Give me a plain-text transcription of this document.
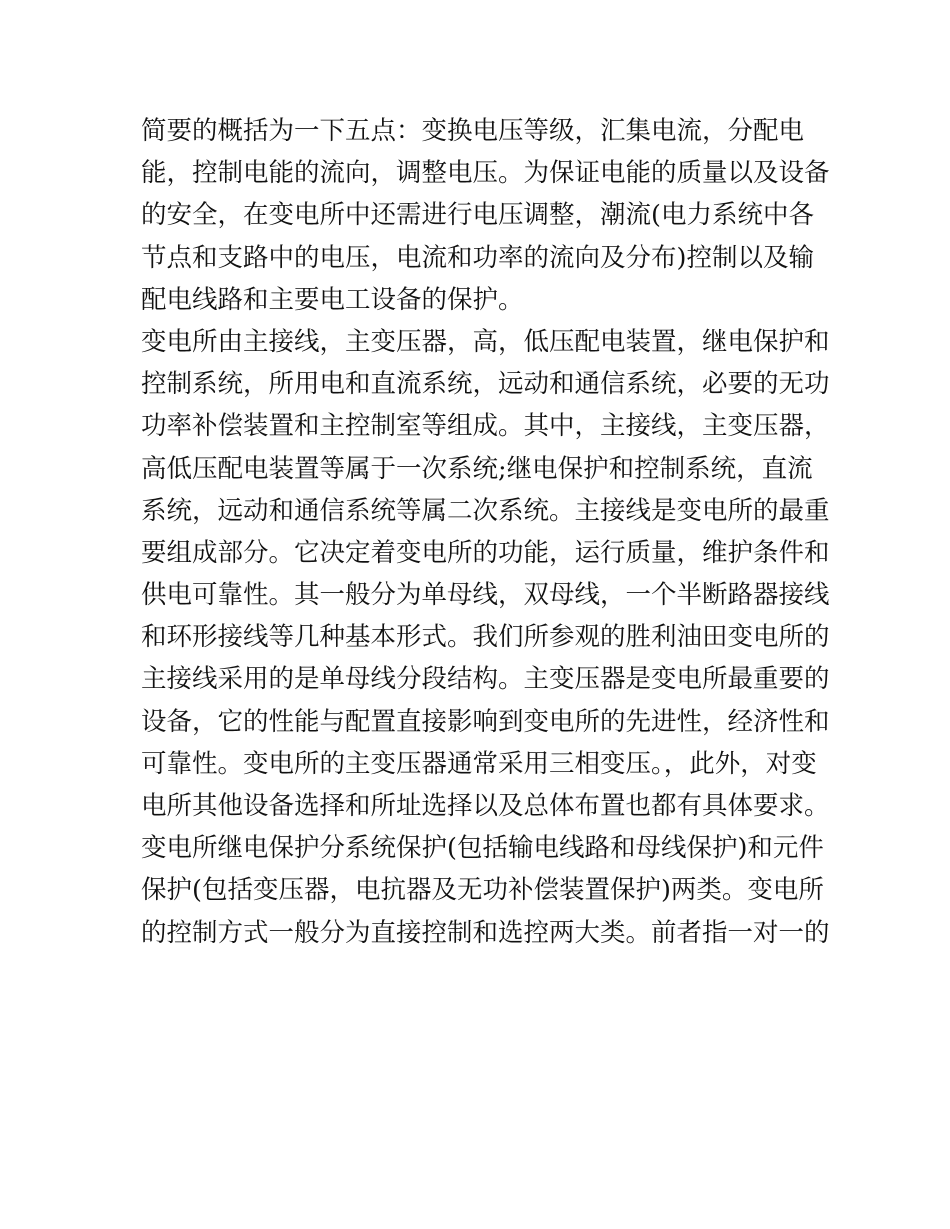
简要的概括为一下五点：变换电压等级，汇集电流，分配电
能，控制电能的流向，调整电压。为保证电能的质量以及设备
的安全，在变电所中还需进行电压调整，潮流(电力系统中各
节点和支路中的电压，电流和功率的流向及分布)控制以及输
配电线路和主要电工设备的保护。
变电所由主接线，主变压器，高，低压配电装置，继电保护和
控制系统，所用电和直流系统，远动和通信系统，必要的无功
功率补偿装置和主控制室等组成。其中，主接线，主变压器，
高低压配电装置等属于一次系统;继电保护和控制系统，直流
系统，远动和通信系统等属二次系统。主接线是变电所的最重
要组成部分。它决定着变电所的功能，运行质量，维护条件和
供电可靠性。其一般分为单母线，双母线，一个半断路器接线
和环形接线等几种基本形式。我们所参观的胜利油田变电所的
主接线采用的是单母线分段结构。主变压器是变电所最重要的
设备，它的性能与配置直接影响到变电所的先进性，经济性和
可靠性。变电所的主变压器通常采用三相变压。，此外，对变
电所其他设备选择和所址选择以及总体布置也都有具体要求。
变电所继电保护分系统保护(包括输电线路和母线保护)和元件
保护(包括变压器，电抗器及无功补偿装置保护)两类。变电所
的控制方式一般分为直接控制和选控两大类。前者指一对一的
